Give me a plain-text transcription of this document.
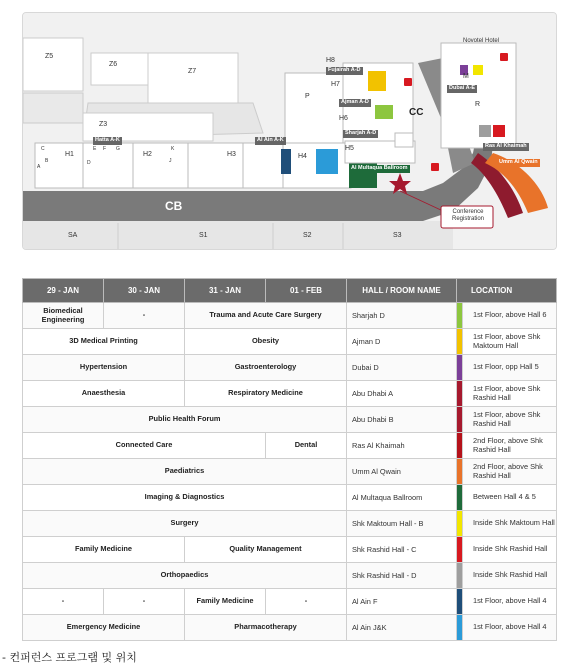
Z5
Z6
Z7
Z3
H1	H2	H3	H4
H5
H6
H7
H8
P
R
M
A
B
C
D
E F G
J
K
Fujairah A-D
Ajman A-D
Sharjah A-D
Dubai A-E
Hatta A-K	Al Ain A-K
Ras Al Khaimah
Umm Al Qwain
Al Multaqua Ballroom
Novotel Hotel
CB
CC
Conference Registration
SA	S1	S2	S3
29 - JAN	30 - JAN	31 - JAN	01 - FEB	HALL / ROOM NAME	LOCATION	
Biomedical Engineering	-	Trauma and Acute Care Surgery		Sharjah D		1st Floor, above Hall 6
3D Medical Printing		Obesity		Ajman D		1st Floor, above Shk Maktoum Hall
Hypertension		Gastroenterology		Dubai D		1st Floor, opp Hall 5
Anaesthesia		Respiratory Medicine		Abu Dhabi A		1st Floor, above Shk Rashid Hall
Public Health Forum				Abu Dhabi B		1st Floor, above Shk Rashid Hall
Connected Care			Dental	Ras Al Khaimah		2nd Floor, above Shk Rashid Hall
Paediatrics				Umm Al Qwain		2nd Floor, above Shk Rashid Hall
Imaging & Diagnostics				Al Multaqua Ballroom		Between Hall 4 & 5
Surgery				Shk Maktoum Hall - B		Inside Shk Maktoum Hall
Family Medicine		Quality Management		Shk Rashid Hall - C		Inside Shk Rashid Hall
Orthopaedics				Shk Rashid Hall - D		Inside Shk Rashid Hall
-	-	Family Medicine	-	Al Ain F		1st Floor, above Hall 4
Emergency Medicine		Pharmacotherapy		Al Ain J&K		1st Floor, above Hall 4
- 컨퍼런스 프로그램 및 위치
